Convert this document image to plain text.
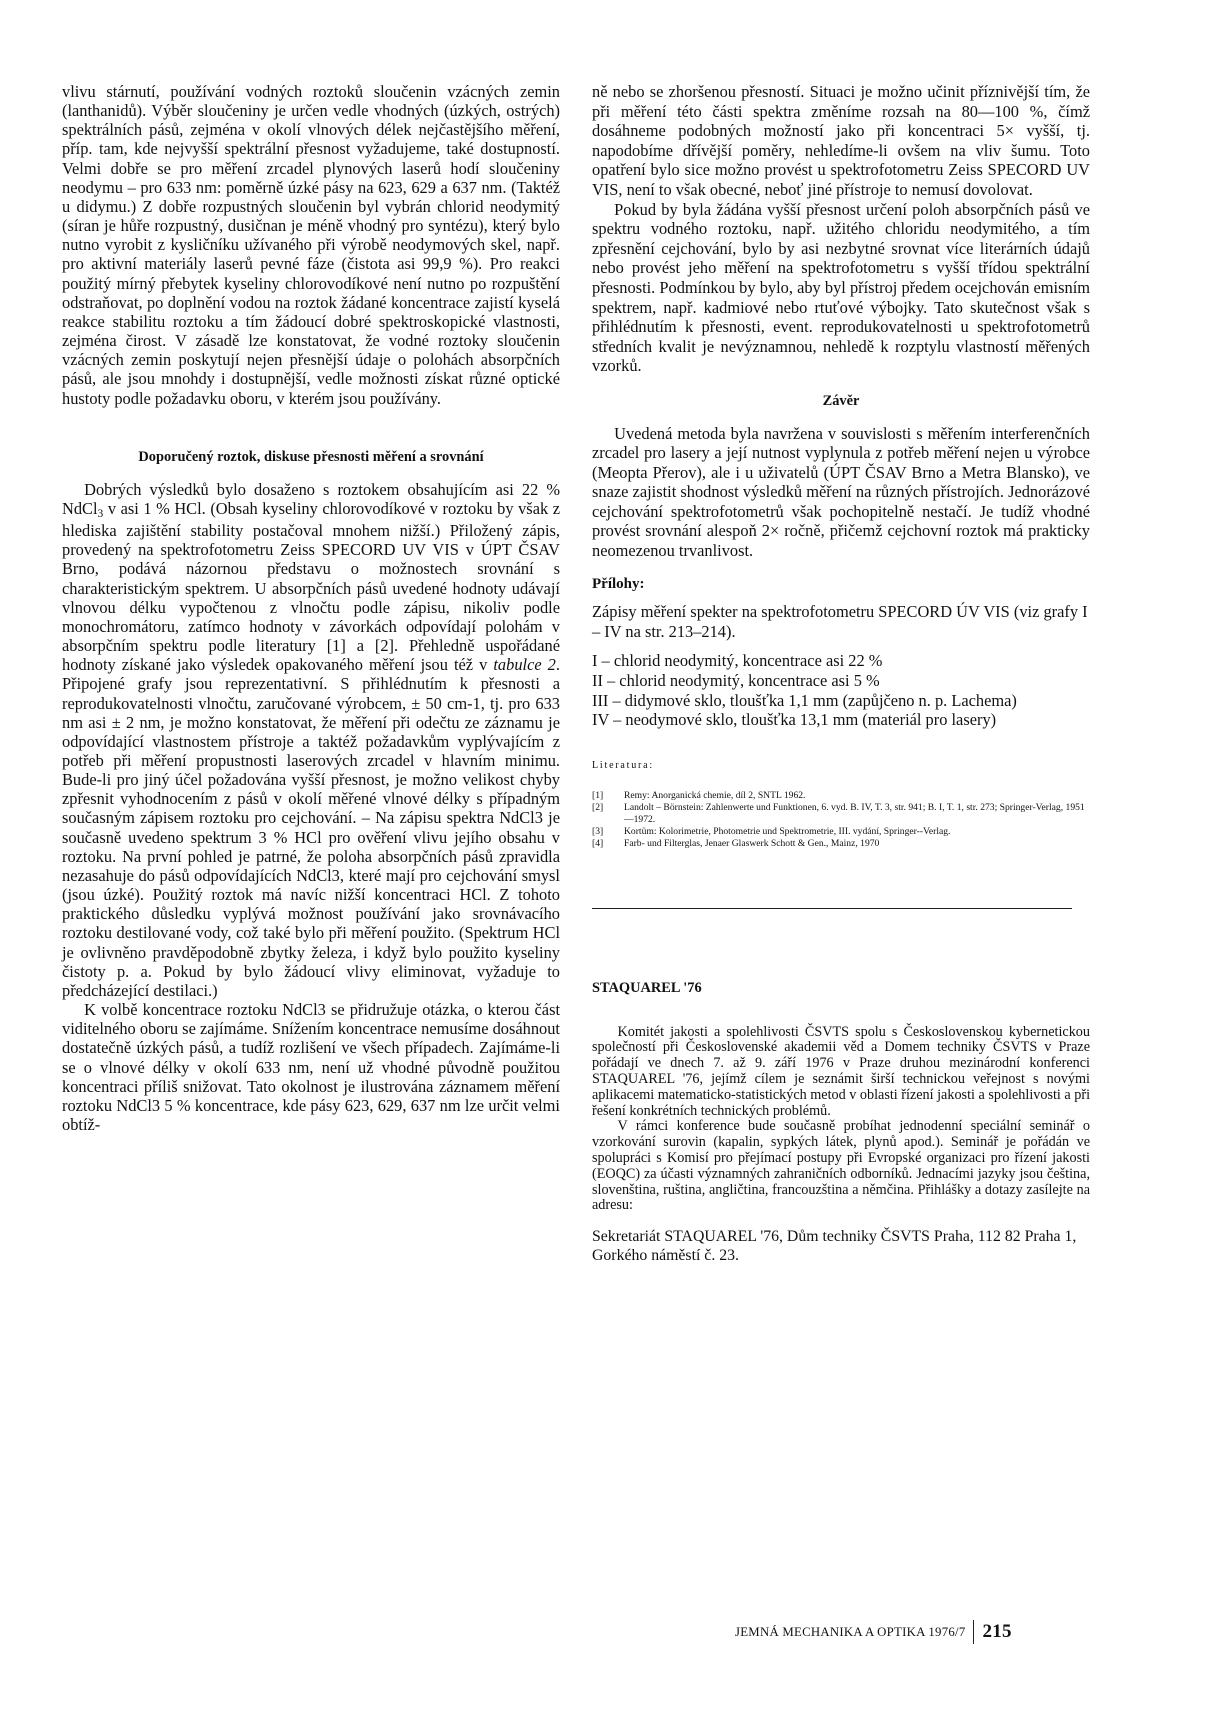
vlivu stárnutí, používání vodných roztoků sloučenin vzácných zemin (lanthanidů). Výběr sloučeniny je určen vedle vhodných (úzkých, ostrých) spektrálních pásů, zejména v okolí vlnových délek nejčastějšího měření, příp. tam, kde nejvyšší spektrální přesnost vyžadujeme, také dostupností. Velmi dobře se pro měření zrcadel plynových laserů hodí sloučeniny neodymu – pro 633 nm: poměrně úzké pásy na 623, 629 a 637 nm. (Taktéž u didymu.) Z dobře rozpustných sloučenin byl vybrán chlorid neodymitý (síran je hůře rozpustný, dusičnan je méně vhodný pro syntézu), který bylo nutno vyrobit z kysličníku užívaného při výrobě neodymových skel, např. pro aktivní materiály laserů pevné fáze (čistota asi 99,9 %). Pro reakci použitý mírný přebytek kyseliny chlorovodíkové není nutno po rozpuštění odstraňovat, po doplnění vodou na roztok žádané koncentrace zajistí kyselá reakce stabilitu roztoku a tím žádoucí dobré spektroskopické vlastnosti, zejména čirost. V zásadě lze konstatovat, že vodné roztoky sloučenin vzácných zemin poskytují nejen přesnější údaje o polohách absorpčních pásů, ale jsou mnohdy i dostupnější, vedle možnosti získat různé optické hustoty podle požadavku oboru, v kterém jsou používány.

Doporučený roztok, diskuse přesnosti měření a srovnání

Dobrých výsledků bylo dosaženo s roztokem obsahujícím asi 22 % NdCl$_3$ v asi 1 % HCl. (Obsah kyseliny chlorovodíkové v roztoku by však z hlediska zajištění stability postačoval mnohem nižší.) Přiložený zápis, provedený na spektrofotometru Zeiss SPECORD UV VIS v ÚPT ČSAV Brno, podává názornou představu o možnostech srovnání s charakteristickým spektrem. U absorpčních pásů uvedené hodnoty udávají vlnovou délku vypočtenou z vlnočtu podle zápisu, nikoliv podle monochromátoru, zatímco hodnoty v závorkách odpovídají polohám v absorpčním spektru podle literatury [1] a [2]. Přehledně uspořádané hodnoty získané jako výsledek opakovaného měření jsou též v tabulce 2. Připojené grafy jsou reprezentativní. S přihlédnutím k přesnosti a reprodukovatelnosti vlnočtu, zaručované výrobcem, ± 50 cm-1, tj. pro 633 nm asi ± 2 nm, je možno konstatovat, že měření při odečtu ze záznamu je odpovídající vlastnostem přístroje a taktéž požadavkům vyplývajícím z potřeb při měření propustnosti laserových zrcadel v hlavním minimu. Bude-li pro jiný účel požadována vyšší přesnost, je možno velikost chyby zpřesnit vyhodnocením z pásů v okolí měřené vlnové délky s případným současným zápisem roztoku pro cejchování. – Na zápisu spektra NdCl3 je současně uvedeno spektrum 3 % HCl pro ověření vlivu jejího obsahu v roztoku. Na první pohled je patrné, že poloha absorpčních pásů zpravidla nezasahuje do pásů odpovídajících NdCl3, které mají pro cejchování smysl (jsou úzké). Použitý roztok má navíc nižší koncentraci HCl. Z tohoto praktického důsledku vyplývá možnost používání jako srovnávacího roztoku destilované vody, což také bylo při měření použito. (Spektrum HCl je ovlivněno pravděpodobně zbytky železa, i když bylo použito kyseliny čistoty p. a. Pokud by bylo žádoucí vlivy eliminovat, vyžaduje to předcházející destilaci.)

K volbě koncentrace roztoku NdCl3 se přidružuje otázka, o kterou část viditelného oboru se zajímáme. Snížením koncentrace nemusíme dosáhnout dostatečně úzkých pásů, a tudíž rozlišení ve všech případech. Zajímáme-li se o vlnové délky v okolí 633 nm, není už vhodné původně použitou koncentraci příliš snižovat. Tato okolnost je ilustrována záznamem měření roztoku NdCl3 5 % koncentrace, kde pásy 623, 629, 637 nm lze určit velmi obtíž-

ně nebo se zhoršenou přesností. Situaci je možno učinit příznivější tím, že při měření této části spektra změníme rozsah na 80—100 %, čímž dosáhneme podobných možností jako při koncentraci 5× vyšší, tj. napodobíme dřívější poměry, nehledíme-li ovšem na vliv šumu. Toto opatření bylo sice možno provést u spektrofotometru Zeiss SPECORD UV VIS, není to však obecné, neboť jiné přístroje to nemusí dovolovat.

Pokud by byla žádána vyšší přesnost určení poloh absorpčních pásů ve spektru vodného roztoku, např. užitého chloridu neodymitého, a tím zpřesnění cejchování, bylo by asi nezbytné srovnat více literárních údajů nebo provést jeho měření na spektrofotometru s vyšší třídou spektrální přesnosti. Podmínkou by bylo, aby byl přístroj předem ocejchován emisním spektrem, např. kadmiové nebo rtuťové výbojky. Tato skutečnost však s přihlédnutím k přesnosti, event. reprodukovatelnosti u spektrofotometrů středních kvalit je nevýznamnou, nehledě k rozptylu vlastností měřených vzorků.

Závěr

Uvedená metoda byla navržena v souvislosti s měřením interferenčních zrcadel pro lasery a její nutnost vyplynula z potřeb měření nejen u výrobce (Meopta Přerov), ale i u uživatelů (ÚPT ČSAV Brno a Metra Blansko), ve snaze zajistit shodnost výsledků měření na různých přístrojích. Jednorázové cejchování spektrofotometrů však pochopitelně nestačí. Je tudíž vhodné provést srovnání alespoň 2× ročně, přičemž cejchovní roztok má prakticky neomezenou trvanlivost.

Přílohy:

Zápisy měření spekter na spektrofotometru SPECORD ÚV VIS (viz grafy I – IV na str. 213–214).

I – chlorid neodymitý, koncentrace asi 22 %

II – chlorid neodymitý, koncentrace asi 5 %

III – didymové sklo, tloušťka 1,1 mm (zapůjčeno n. p. Lachema)

IV – neodymové sklo, tloušťka 13,1 mm (materiál pro lasery)

Literatura:
[1]	Remy: Anorganická chemie, díl 2, SNTL 1962.
[2]	Landolt – Börnstein: Zahlenwerte und Funktionen, 6. vyd. B. IV, T. 3, str. 941; B. I, T. 1, str. 273; Springer-Verlag, 1951—1972.
[3]	Kortüm: Kolorimetrie, Photometrie und Spektrometrie, III. vydání, Springer--Verlag.
[4]	Farb- und Filterglas, Jenaer Glaswerk Schott & Gen., Mainz, 1970
STAQUAREL '76

Komitét jakosti a spolehlivosti ČSVTS spolu s Československou kybernetickou společností při Československé akademii věd a Domem techniky ČSVTS v Praze pořádají ve dnech 7. až 9. září 1976 v Praze druhou mezinárodní konferenci STAQUAREL '76, jejímž cílem je seznámit širší technickou veřejnost s novými aplikacemi matematicko-statistických metod v oblasti řízení jakosti a spolehlivosti a při řešení konkrétních technických problémů.

V rámci konference bude současně probíhat jednodenní speciální seminář o vzorkování surovin (kapalin, sypkých látek, plynů apod.). Seminář je pořádán ve spolupráci s Komisí pro přejímací postupy při Evropské organizaci pro řízení jakosti (EOQC) za účasti významných zahraničních odborníků. Jednacími jazyky jsou čeština, slovenština, ruština, angličtina, francouzština a němčina. Přihlášky a dotazy zasílejte na adresu:

Sekretariát STAQUAREL '76, Dům techniky ČSVTS Praha, 112 82 Praha 1, Gorkého náměstí č. 23.

JEMNÁ MECHANIKA A OPTIKA 1976/7 215
